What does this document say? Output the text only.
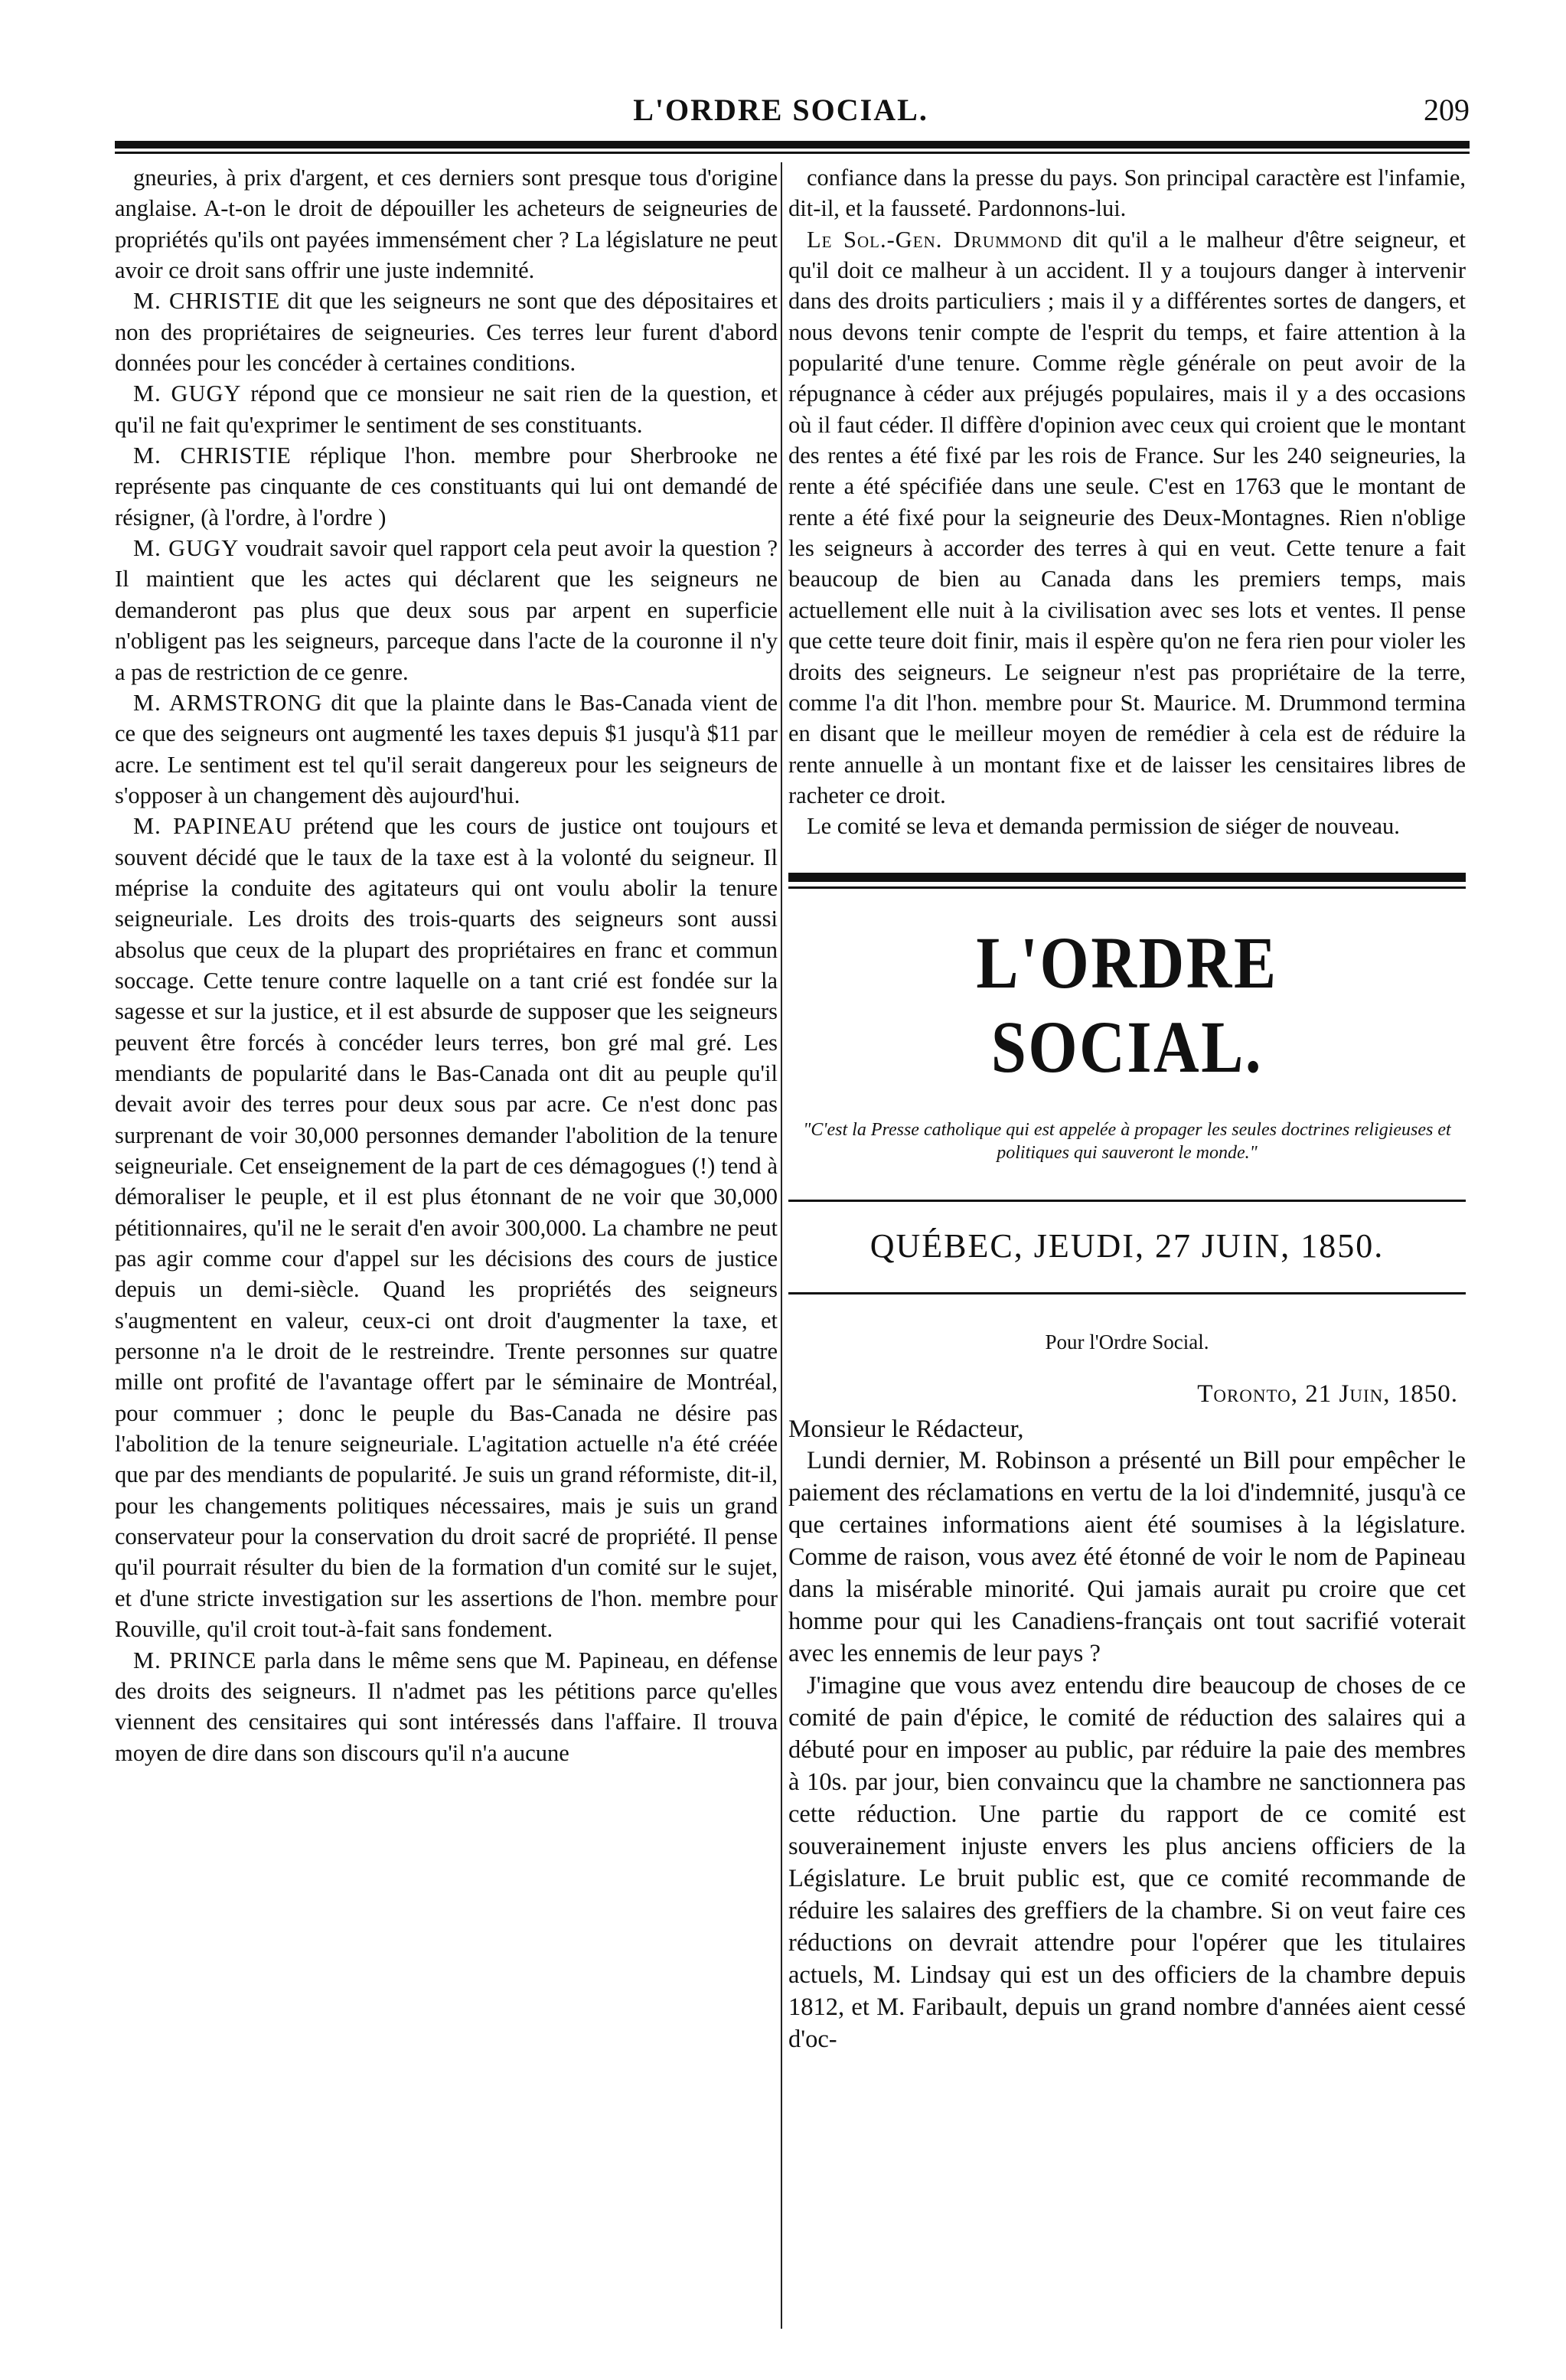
L'ORDRE SOCIAL.	209

gneuries, à prix d'argent, et ces derniers sont presque tous d'origine anglaise. A-t-on le droit de dépouiller les acheteurs de seigneuries de propriétés qu'ils ont payées immensément cher ? La législature ne peut avoir ce droit sans offrir une juste indemnité.

M. CHRISTIE dit que les seigneurs ne sont que des dépositaires et non des propriétaires de seigneuries. Ces terres leur furent d'abord données pour les concéder à certaines conditions.

M. GUGY répond que ce monsieur ne sait rien de la question, et qu'il ne fait qu'exprimer le sentiment de ses constituants.

M. CHRISTIE réplique l'hon. membre pour Sherbrooke ne représente pas cinquante de ces constituants qui lui ont demandé de résigner, (à l'ordre, à l'ordre )

M. GUGY voudrait savoir quel rapport cela peut avoir la question ? Il maintient que les actes qui déclarent que les seigneurs ne demanderont pas plus que deux sous par arpent en superficie n'obligent pas les seigneurs, parceque dans l'acte de la couronne il n'y a pas de restriction de ce genre.

M. ARMSTRONG dit que la plainte dans le Bas-Canada vient de ce que des seigneurs ont augmenté les taxes depuis $1 jusqu'à $11 par acre. Le sentiment est tel qu'il serait dangereux pour les seigneurs de s'opposer à un changement dès aujourd'hui.

M. PAPINEAU prétend que les cours de justice ont toujours et souvent décidé que le taux de la taxe est à la volonté du seigneur. Il méprise la conduite des agitateurs qui ont voulu abolir la tenure seigneuriale. Les droits des trois-quarts des seigneurs sont aussi absolus que ceux de la plupart des propriétaires en franc et commun soccage. Cette tenure contre laquelle on a tant crié est fondée sur la sagesse et sur la justice, et il est absurde de supposer que les seigneurs peuvent être forcés à concéder leurs terres, bon gré mal gré. Les mendiants de popularité dans le Bas-Canada ont dit au peuple qu'il devait avoir des terres pour deux sous par acre. Ce n'est donc pas surprenant de voir 30,000 personnes demander l'abolition de la tenure seigneuriale. Cet enseignement de la part de ces démagogues (!) tend à démoraliser le peuple, et il est plus étonnant de ne voir que 30,000 pétitionnaires, qu'il ne le serait d'en avoir 300,000. La chambre ne peut pas agir comme cour d'appel sur les décisions des cours de justice depuis un demi-siècle. Quand les propriétés des seigneurs s'augmentent en valeur, ceux-ci ont droit d'augmenter la taxe, et personne n'a le droit de le restreindre. Trente personnes sur quatre mille ont profité de l'avantage offert par le séminaire de Montréal, pour commuer ; donc le peuple du Bas-Canada ne désire pas l'abolition de la tenure seigneuriale. L'agitation actuelle n'a été créée que par des mendiants de popularité. Je suis un grand réformiste, dit-il, pour les changements politiques nécessaires, mais je suis un grand conservateur pour la conservation du droit sacré de propriété. Il pense qu'il pourrait résulter du bien de la formation d'un comité sur le sujet, et d'une stricte investigation sur les assertions de l'hon. membre pour Rouville, qu'il croit tout-à-fait sans fondement.

M. PRINCE parla dans le même sens que M. Papineau, en défense des droits des seigneurs. Il n'admet pas les pétitions parce qu'elles viennent des censitaires qui sont intéressés dans l'affaire. Il trouva moyen de dire dans son discours qu'il n'a aucune

confiance dans la presse du pays. Son principal caractère est l'infamie, dit-il, et la fausseté. Pardonnons-lui.

Le Sol.-Gen. Drummond dit qu'il a le malheur d'être seigneur, et qu'il doit ce malheur à un accident. Il y a toujours danger à intervenir dans des droits particuliers ; mais il y a différentes sortes de dangers, et nous devons tenir compte de l'esprit du temps, et faire attention à la popularité d'une tenure. Comme règle générale on peut avoir de la répugnance à céder aux préjugés populaires, mais il y a des occasions où il faut céder. Il diffère d'opinion avec ceux qui croient que le montant des rentes a été fixé par les rois de France. Sur les 240 seigneuries, la rente a été spécifiée dans une seule. C'est en 1763 que le montant de rente a été fixé pour la seigneurie des Deux-Montagnes. Rien n'oblige les seigneurs à accorder des terres à qui en veut. Cette tenure a fait beaucoup de bien au Canada dans les premiers temps, mais actuellement elle nuit à la civilisation avec ses lots et ventes. Il pense que cette teure doit finir, mais il espère qu'on ne fera rien pour violer les droits des seigneurs. Le seigneur n'est pas propriétaire de la terre, comme l'a dit l'hon. membre pour St. Maurice. M. Drummond termina en disant que le meilleur moyen de remédier à cela est de réduire la rente annuelle à un montant fixe et de laisser les censitaires libres de racheter ce droit.

Le comité se leva et demanda permission de siéger de nouveau.

L'ORDRE SOCIAL.
"C'est la Presse catholique qui est appelée à propager les seules doctrines religieuses et politiques qui sauveront le monde."
QUÉBEC, JEUDI, 27 JUIN, 1850.
Pour l'Ordre Social.
Toronto, 21 Juin, 1850.
Monsieur le Rédacteur,

Lundi dernier, M. Robinson a présenté un Bill pour empêcher le paiement des réclamations en vertu de la loi d'indemnité, jusqu'à ce que certaines informations aient été soumises à la législature. Comme de raison, vous avez été étonné de voir le nom de Papineau dans la misérable minorité. Qui jamais aurait pu croire que cet homme pour qui les Canadiens-français ont tout sacrifié voterait avec les ennemis de leur pays ?

J'imagine que vous avez entendu dire beaucoup de choses de ce comité de pain d'épice, le comité de réduction des salaires qui a débuté pour en imposer au public, par réduire la paie des membres à 10s. par jour, bien convaincu que la chambre ne sanctionnera pas cette réduction. Une partie du rapport de ce comité est souverainement injuste envers les plus anciens officiers de la Législature. Le bruit public est, que ce comité recommande de réduire les salaires des greffiers de la chambre. Si on veut faire ces réductions on devrait attendre pour l'opérer que les titulaires actuels, M. Lindsay qui est un des officiers de la chambre depuis 1812, et M. Faribault, depuis un grand nombre d'années aient cessé d'oc-
